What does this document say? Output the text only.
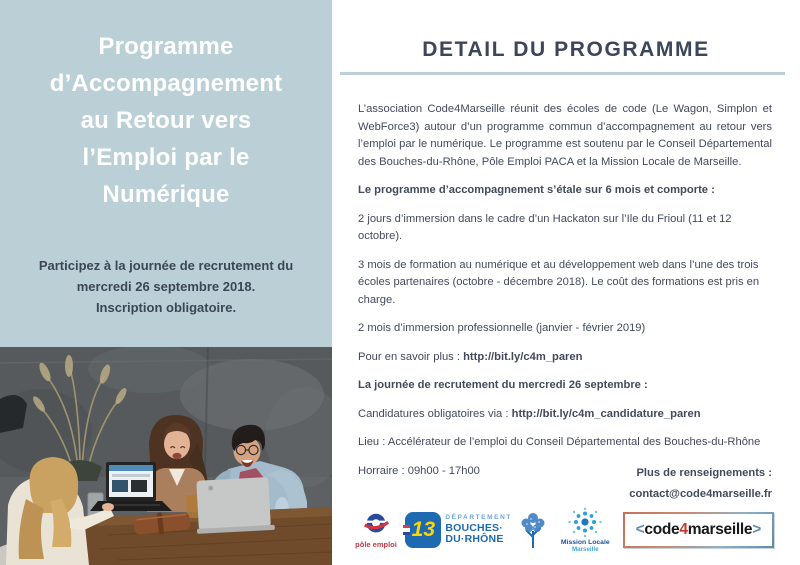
Programme
d’Accompagnement
au Retour vers
l’Emploi par le
Numérique
Participez à la journée de recrutement du
mercredi 26 septembre 2018.
Inscription obligatoire.
DETAIL DU PROGRAMME

L’association Code4Marseille réunit des écoles de code (Le Wagon, Simplon et WebForce3) autour d’un programme commun d’accompagnement au retour vers l’emploi par le numérique. Le programme est soutenu par le Conseil Départemental des Bouches-du-Rhône, Pôle Emploi PACA et la Mission Locale de Marseille.

Le programme d’accompagnement s’étale sur 6 mois et comporte :

2 jours d’immersion dans le cadre d’un Hackaton sur l’Ile du Frioul (11 et 12 octobre).

3 mois de formation au numérique et au développement web dans l’une des trois écoles partenaires (octobre - décembre 2018). Le coût des formations est pris en charge.

2 mois d’immersion professionnelle (janvier - février 2019)

Pour en savoir plus : http://bit.ly/c4m_paren

La journée de recrutement du mercredi 26 septembre :

Candidatures obligatoires via : http://bit.ly/c4m_candidature_paren

Lieu : Accélérateur de l’emploi du Conseil Départemental des Bouches-du-Rhône

Horraire : 09h00 - 17h00	Plus de renseignements :
contact@code4marseille.fr
pôle emploi
13
DÉPARTEMENT
BOUCHES·
DU·RHÔNE	Mission Locale
Marseille
< code 4 marseille >
